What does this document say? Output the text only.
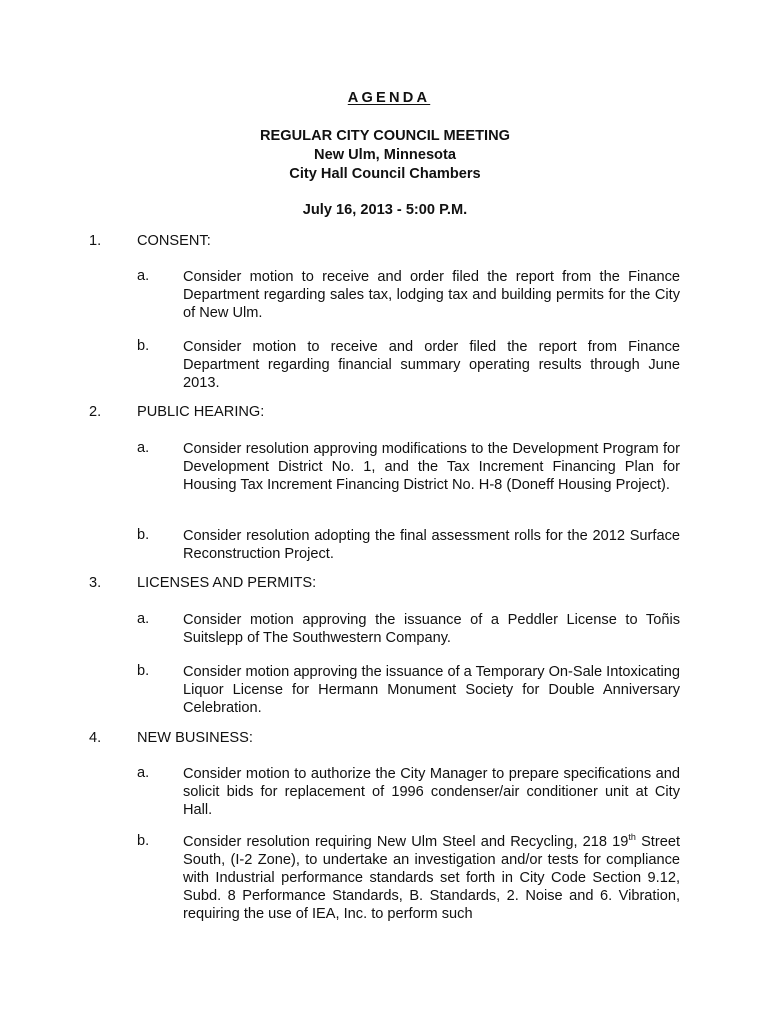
AGENDA
REGULAR CITY COUNCIL MEETING
New Ulm, Minnesota
City Hall Council Chambers
July 16, 2013 - 5:00 P.M.
1. CONSENT:
a. Consider motion to receive and order filed the report from the Finance Department regarding sales tax, lodging tax and building permits for the City of New Ulm.
b. Consider motion to receive and order filed the report from Finance Department regarding financial summary operating results through June 2013.
2. PUBLIC HEARING:
a. Consider resolution approving modifications to the Development Program for Development District No. 1, and the Tax Increment Financing Plan for Housing Tax Increment Financing District No. H-8 (Doneff Housing Project).
b. Consider resolution adopting the final assessment rolls for the 2012 Surface Reconstruction Project.
3. LICENSES AND PERMITS:
a. Consider motion approving the issuance of a Peddler License to Toñis Suitslepp of The Southwestern Company.
b. Consider motion approving the issuance of a Temporary On-Sale Intoxicating Liquor License for Hermann Monument Society for Double Anniversary Celebration.
4. NEW BUSINESS:
a. Consider motion to authorize the City Manager to prepare specifications and solicit bids for replacement of 1996 condenser/air conditioner unit at City Hall.
b. Consider resolution requiring New Ulm Steel and Recycling, 218 19th Street South, (I-2 Zone), to undertake an investigation and/or tests for compliance with Industrial performance standards set forth in City Code Section 9.12, Subd. 8 Performance Standards, B. Standards, 2. Noise and 6. Vibration, requiring the use of IEA, Inc. to perform such
